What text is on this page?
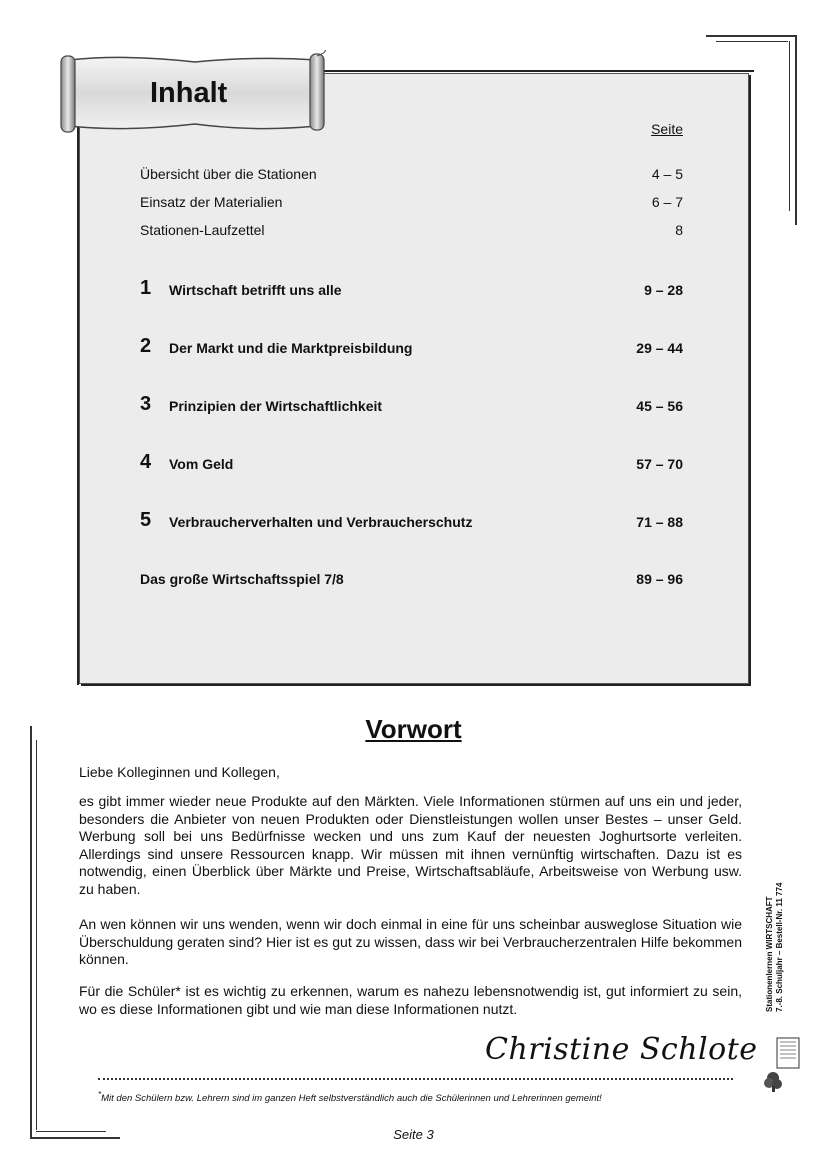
Inhalt
Seite
Übersicht über die Stationen	4 – 5
Einsatz der Materialien	6 – 7
Stationen-Laufzettel	8
1 Wirtschaft betrifft uns alle	9 – 28
2 Der Markt und die Marktpreisbildung	29 – 44
3 Prinzipien der Wirtschaftlichkeit	45 – 56
4 Vom Geld	57 – 70
5 Verbraucherverhalten und Verbraucherschutz	71 – 88
Das große Wirtschaftsspiel 7/8	89 – 96
Vorwort
Liebe Kolleginnen und Kollegen,
es gibt immer wieder neue Produkte auf den Märkten. Viele Informationen stürmen auf uns ein und jeder, besonders die Anbieter von neuen Produkten oder Dienstleistungen wollen unser Bestes – unser Geld. Werbung soll bei uns Bedürfnisse wecken und uns zum Kauf der neuesten Joghurtsorte verleiten. Allerdings sind unsere Ressourcen knapp. Wir müssen mit ihnen vernünftig wirtschaften. Dazu ist es notwendig, einen Überblick über Märkte und Preise, Wirtschaftsabläufe, Arbeitsweise von Werbung usw. zu haben.
An wen können wir uns wenden, wenn wir doch einmal in eine für uns scheinbar ausweglose Situation wie Überschuldung geraten sind? Hier ist es gut zu wissen, dass wir bei Verbraucherzentralen Hilfe bekommen können.
Für die Schüler* ist es wichtig zu erkennen, warum es nahezu lebensnotwendig ist, gut informiert zu sein, wo es diese Informationen gibt und wie man diese Informationen nutzt.
Christine Schlote
*Mit den Schülern bzw. Lehrern sind im ganzen Heft selbstverständlich auch die Schülerinnen und Lehrerinnen gemeint!
Seite 3
Stationenlernen WIRTSCHAFT 7.-8. Schuljahr – Bestell-Nr. 11 774
